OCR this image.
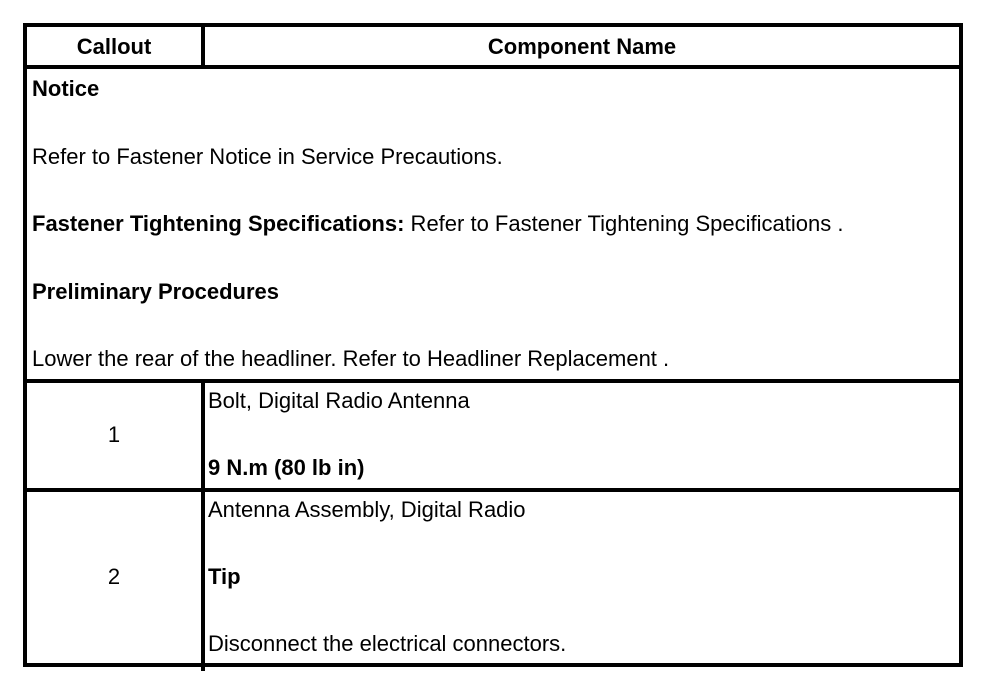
Callout	Component Name
Notice
Refer to Fastener Notice in Service Precautions.
Fastener Tightening Specifications: Refer to Fastener Tightening Specifications .
Preliminary Procedures
Lower the rear of the headliner. Refer to Headliner Replacement .
1
Bolt, Digital Radio Antenna
9 N.m (80 lb in)
2
Antenna Assembly, Digital Radio
Tip
Disconnect the electrical connectors.
